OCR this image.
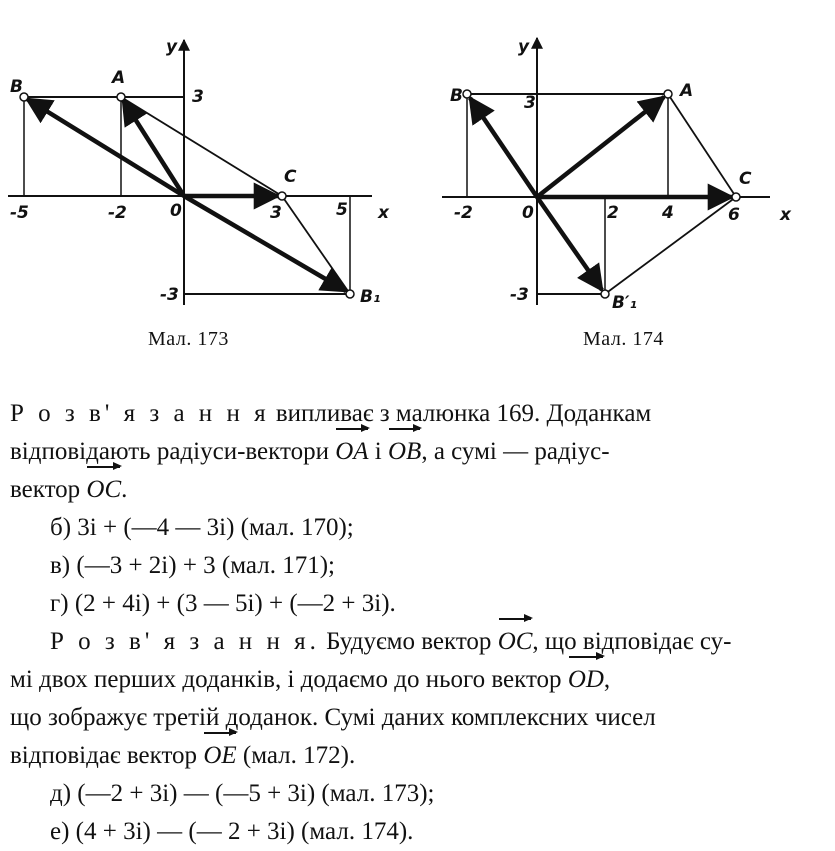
B	A
C
B₁
y
x
0
-5	-2	3	5
3
-3
B	A
C
B′₁
y
x
0
-2	2	4	6
3
-3
Мал. 173	Мал. 174
Р о з в' я з а н н я випливає з малюнка 169. Доданкам
відповідають радіуси-вектори OA і OB, а сумі — радіус-
вектор OC.
б) 3i + (—4 — 3i) (мал. 170);
в) (—3 + 2i) + 3 (мал. 171);
г) (2 + 4i) + (3 — 5i) + (—2 + 3i).
Р о з в' я з а н н я. Будуємо вектор OC, що відповідає су-
мі двох перших доданків, і додаємо до нього вектор OD,
що зображує третій доданок. Сумі даних комплексних чисел
відповідає вектор OE (мал. 172).
д) (—2 + 3i) — (—5 + 3i) (мал. 173);
е) (4 + 3i) — (— 2 + 3i) (мал. 174).
